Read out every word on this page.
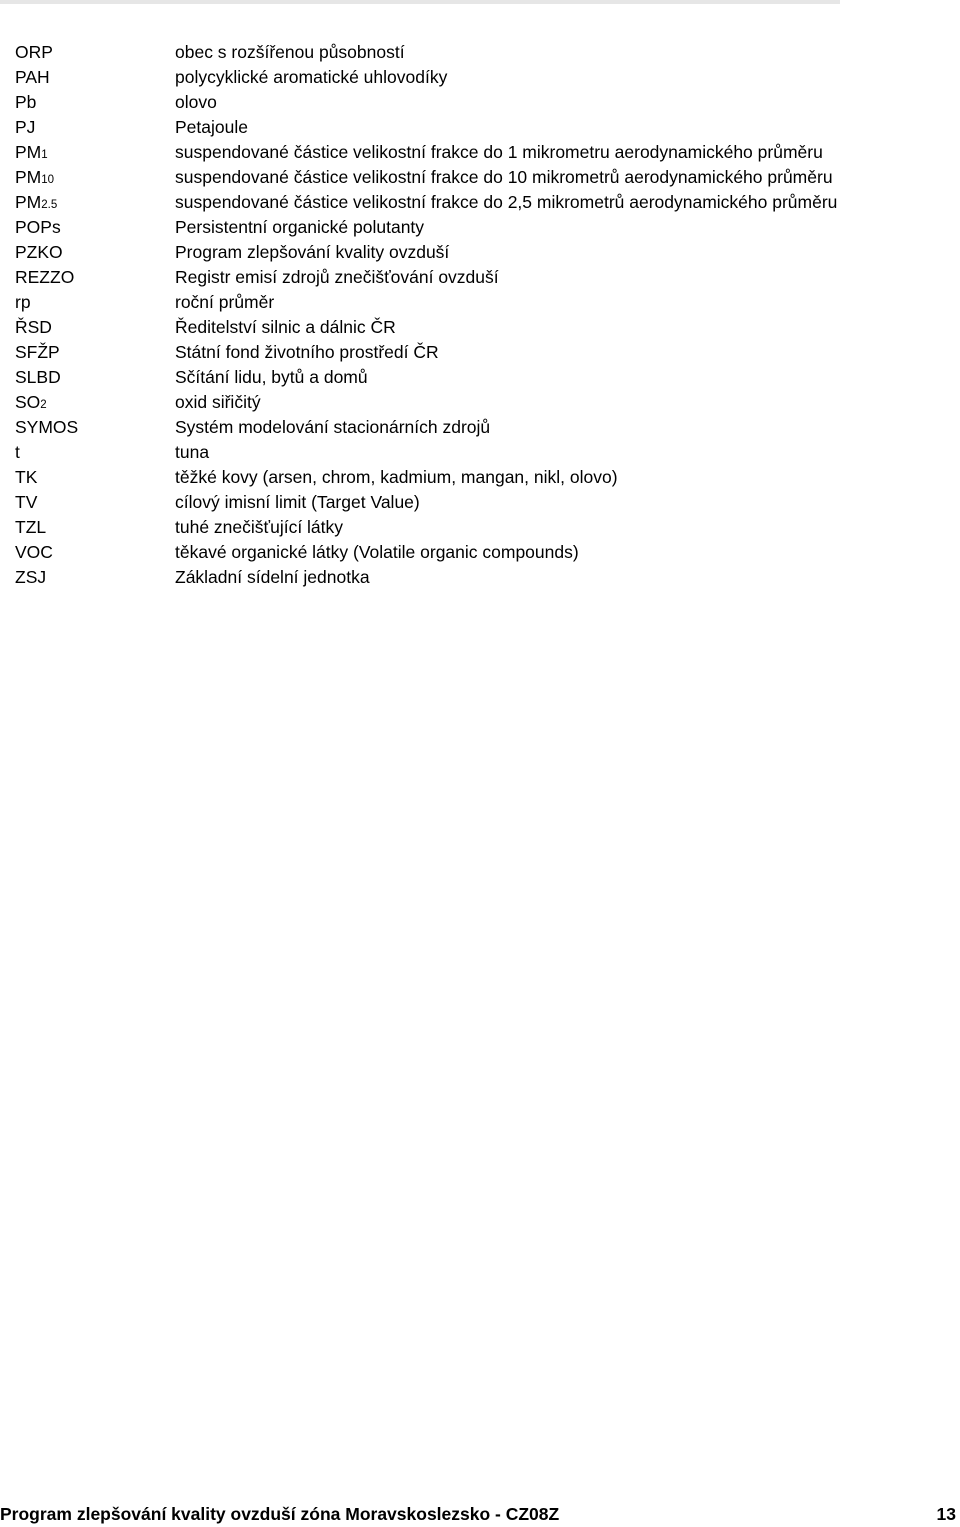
ORP	obec s rozšířenou působností
PAH	polycyklické aromatické uhlovodíky
Pb	olovo
PJ	Petajoule
PM1	suspendované částice velikostní frakce do 1 mikrometru aerodynamického průměru
PM10	suspendované částice velikostní frakce do 10 mikrometrů aerodynamického průměru
PM2.5	suspendované částice velikostní frakce do 2,5 mikrometrů aerodynamického průměru
POPs	Persistentní organické polutanty
PZKO	Program zlepšování kvality ovzduší
REZZO	Registr emisí zdrojů znečišťování ovzduší
rp	roční průměr
ŘSD	Ředitelství silnic a dálnic ČR
SFŽP	Státní fond životního prostředí ČR
SLBD	Sčítání lidu, bytů a domů
SO2	oxid siřičitý
SYMOS	Systém modelování stacionárních zdrojů
t	tuna
TK	těžké kovy (arsen, chrom, kadmium, mangan, nikl, olovo)
TV	cílový imisní limit (Target Value)
TZL	tuhé znečišťující látky
VOC	těkavé organické látky (Volatile organic compounds)
ZSJ	Základní sídelní jednotka
Program zlepšování kvality ovzduší zóna Moravskoslezsko - CZ08Z	13
